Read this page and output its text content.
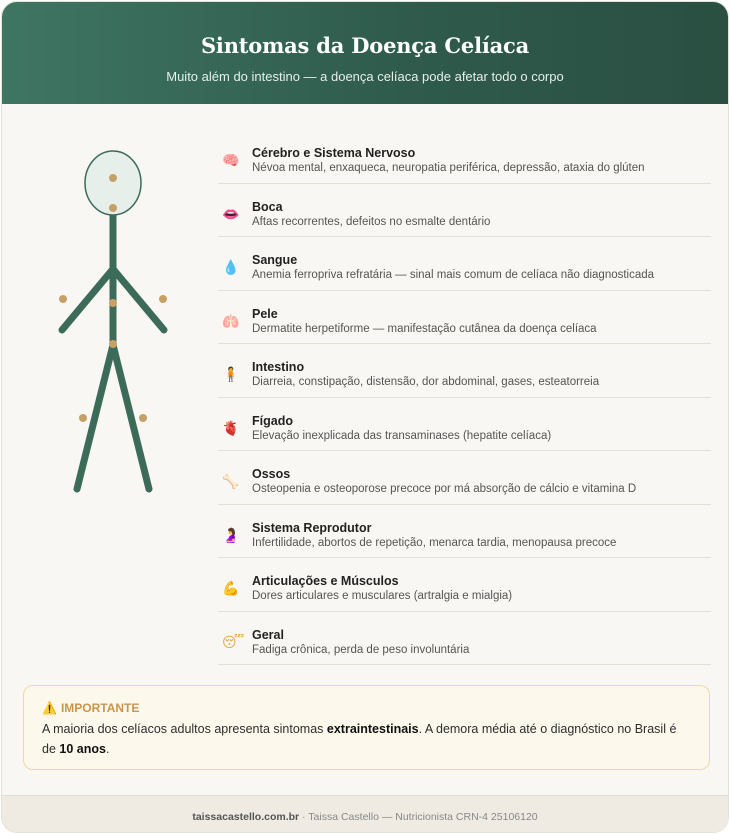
Sintomas da Doença Celíaca

Muito além do intestino — a doença celíaca pode afetar todo o corpo

🧠	Cérebro e Sistema Nervoso
Névoa mental, enxaqueca, neuropatia periférica, depressão, ataxia do glúten
👄	Boca
Aftas recorrentes, defeitos no esmalte dentário
💧	Sangue
Anemia ferropriva refratária — sinal mais comum de celíaca não diagnosticada
🫁	Pele
Dermatite herpetiforme — manifestação cutânea da doença celíaca
🧍	Intestino
Diarreia, constipação, distensão, dor abdominal, gases, esteatorreia
🫀	Fígado
Elevação inexplicada das transaminases (hepatite celíaca)
🦴	Ossos
Osteopenia e osteoporose precoce por má absorção de cálcio e vitamina D
🤰	Sistema Reprodutor
Infertilidade, abortos de repetição, menarca tardia, menopausa precoce
💪	Articulações e Músculos
Dores articulares e musculares (artralgia e mialgia)
😴 Geral
Fadiga crônica, perda de peso involuntária
⚠️ IMPORTANTE
A maioria dos celíacos adultos apresenta sintomas extraintestinais. A demora média até o diagnóstico no Brasil é de 10 anos.
taissacastello.com.br · Taissa Castello — Nutricionista CRN-4 25106120
